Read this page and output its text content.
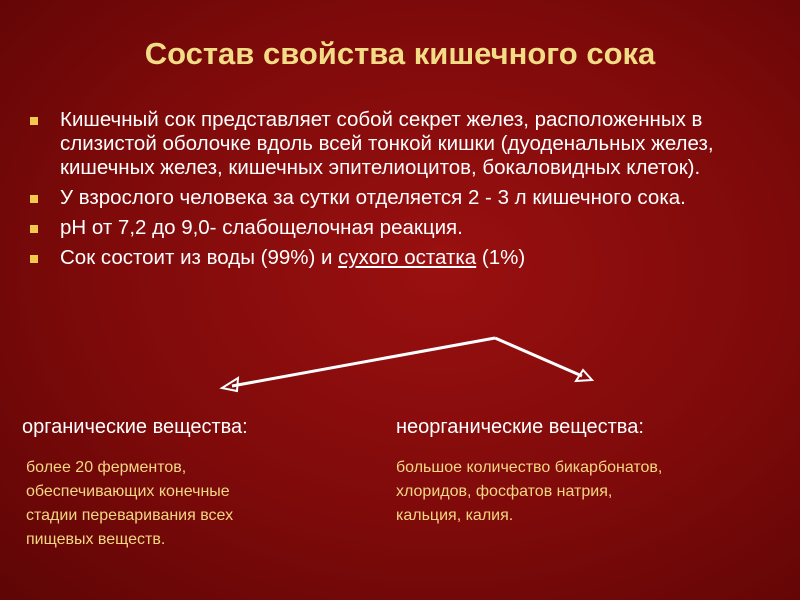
Состав свойства кишечного сока
Кишечный сок представляет собой секрет желез, расположенных в слизистой оболочке вдоль всей тонкой кишки (дуоденальных желез, кишечных желез, кишечных эпителиоцитов, бокаловидных клеток).
У взрослого человека за сутки отделяется 2 - 3 л кишечного сока.
рН от 7,2 до 9,0- слабощелочная реакция.
Сок состоит из воды (99%) и сухого остатка (1%)
органические вещества:
более 20 ферментов,
обеспечивающих конечные
стадии переваривания всех
пищевых веществ.
неорганические вещества:
большое количество бикарбонатов,
хлоридов, фосфатов натрия,
кальция, калия.
